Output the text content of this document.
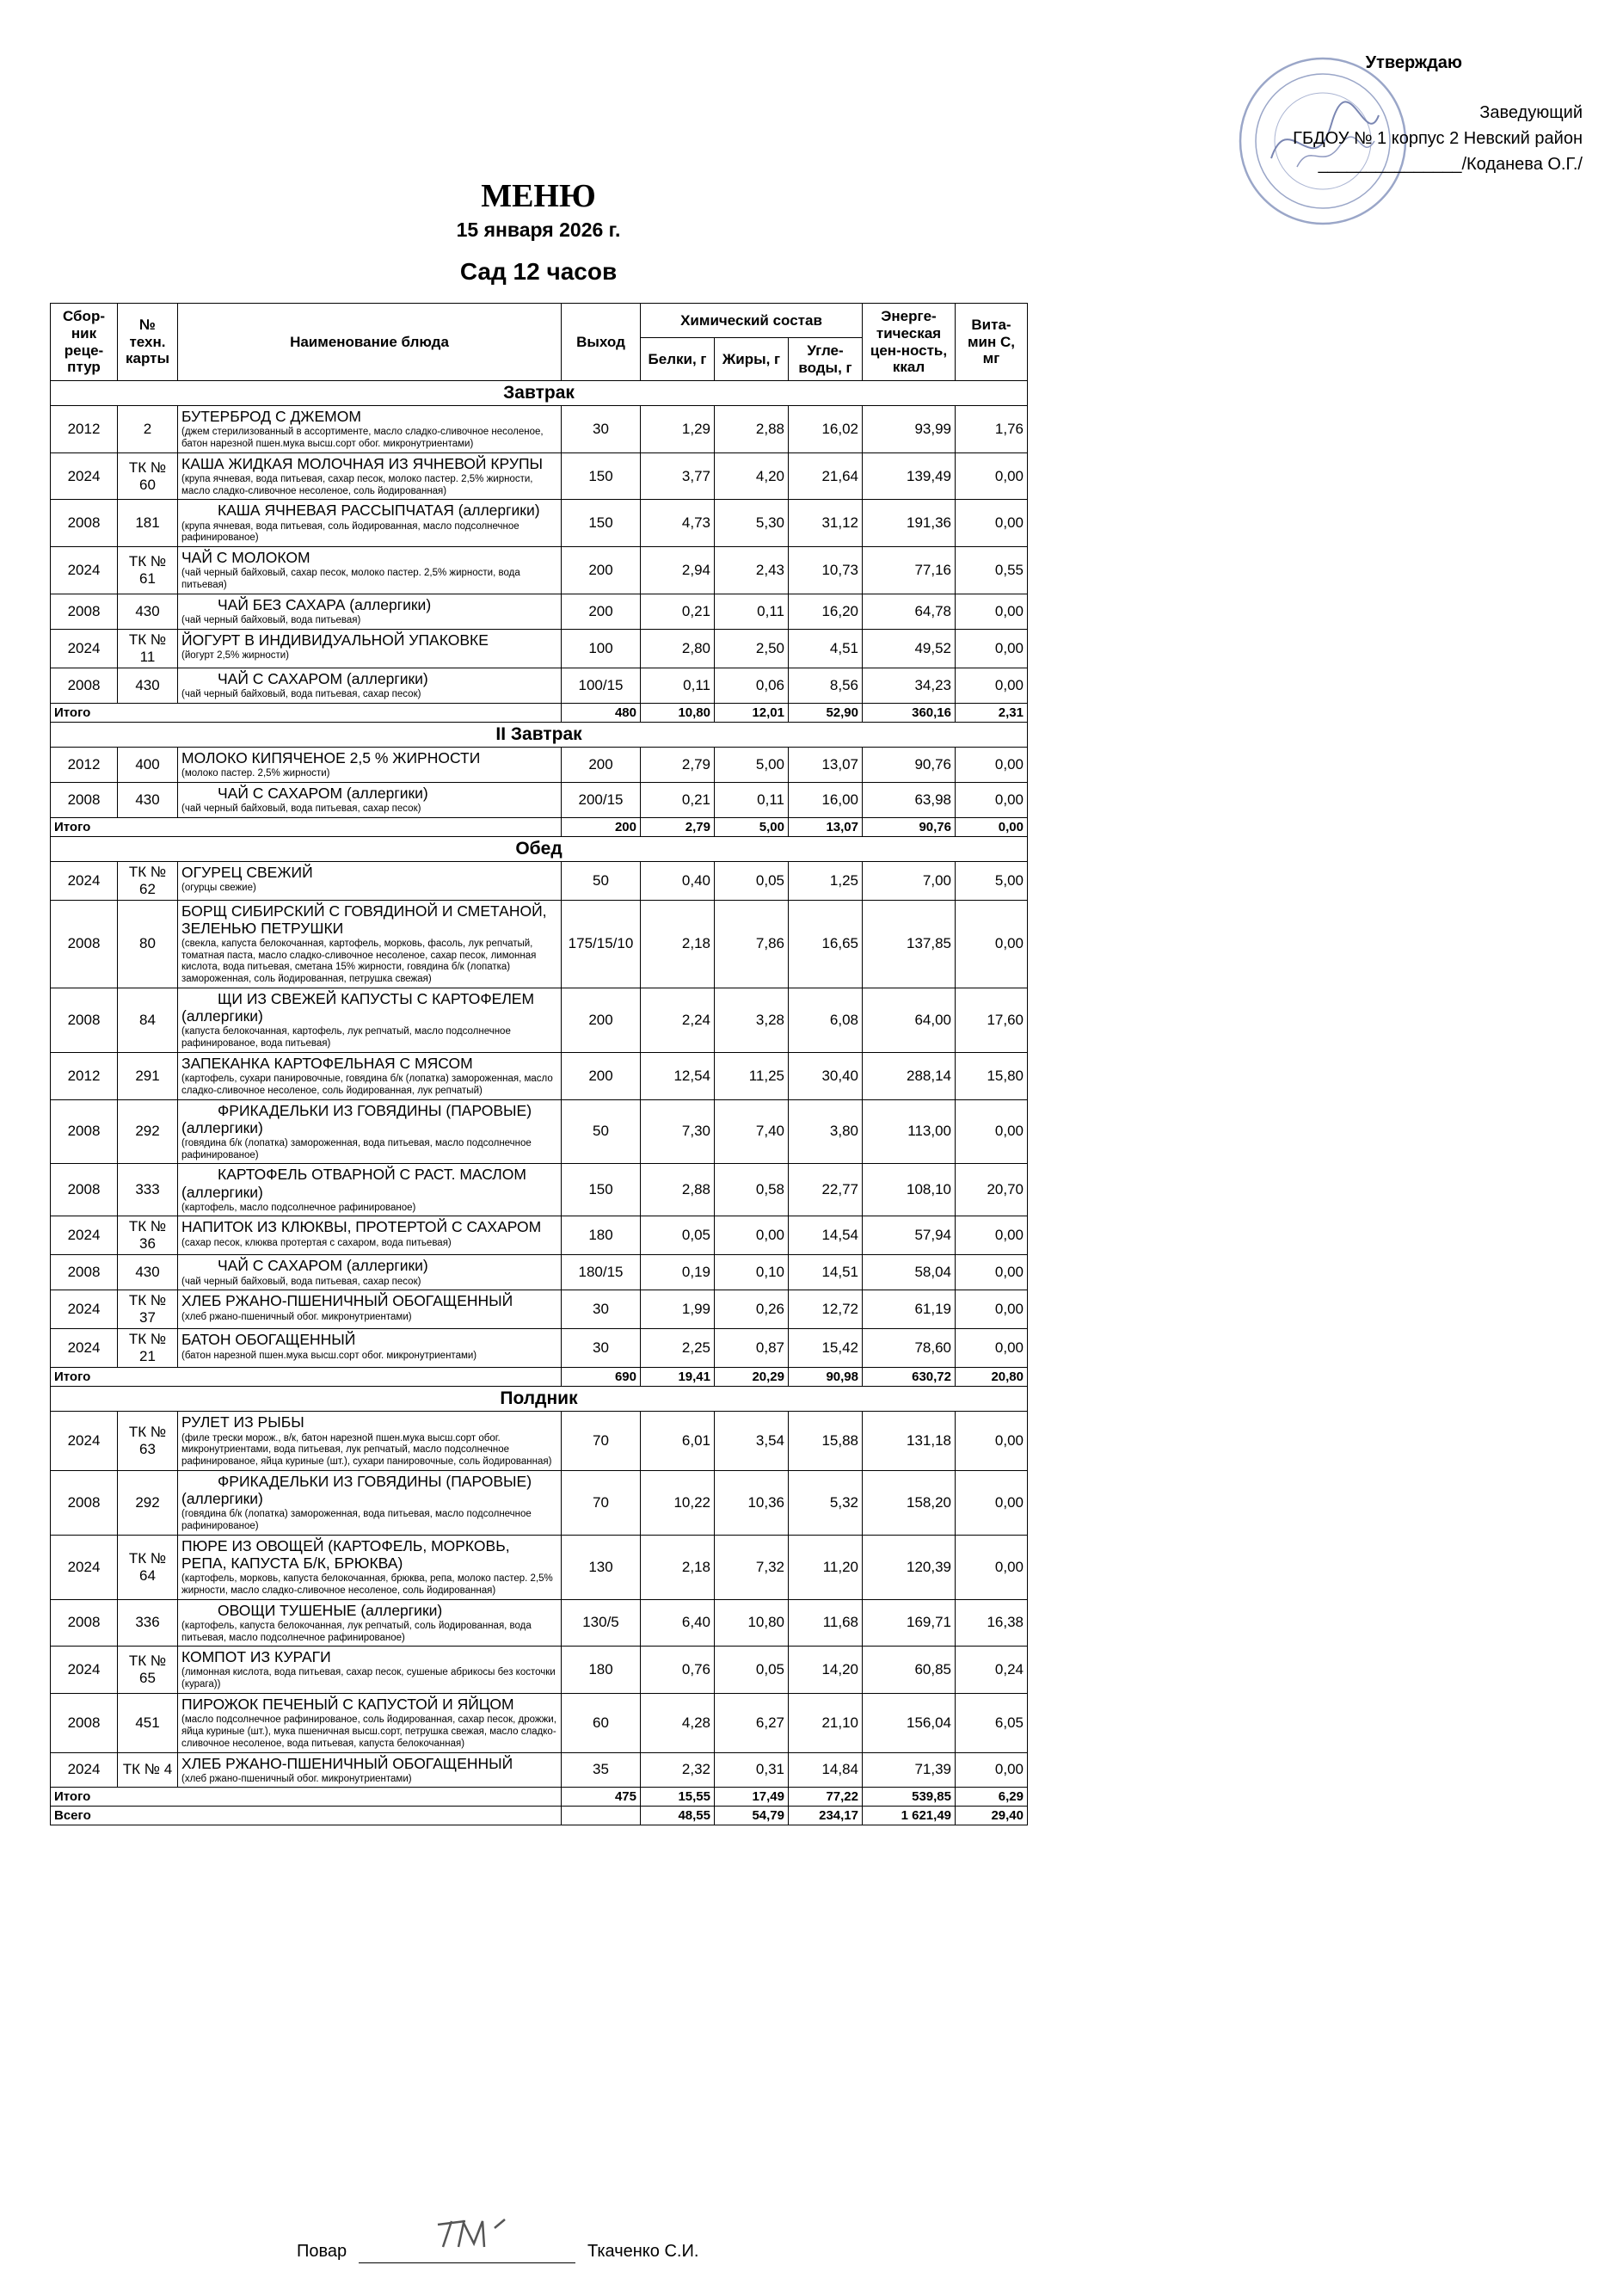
Утверждаю
Заведующий
ГБДОУ № 1 корпус 2 Невский район
_______________/Коданева О.Г./
МЕНЮ
15 января 2026 г.
Сад 12 часов
Сбор-ник реце-птур	№ техн. карты	Наименование блюда	Выход	Химический состав			Энерге-тическая цен-ность, ккал	Вита-мин С, мг
				Белки, г	Жиры, г	Угле-воды, г		
Завтрак								
2012	2	БУТЕРБРОД С ДЖЕМОМ
(джем стерилизованный в ассортименте, масло сладко-сливочное несоленое, батон нарезной пшен.мука высш.сорт обог. микронутриентами)	30	1,29	2,88	16,02	93,99	1,76
2024	ТК № 60	КАША ЖИДКАЯ МОЛОЧНАЯ ИЗ ЯЧНЕВОЙ КРУПЫ
(крупа ячневая, вода питьевая, сахар песок, молоко пастер. 2,5% жирности, масло сладко-сливочное несоленое, соль йодированная)	150	3,77	4,20	21,64	139,49	0,00
2008	181	КАША ЯЧНЕВАЯ РАССЫПЧАТАЯ (аллергики)
(крупа ячневая, вода питьевая, соль йодированная, масло подсолнечное рафинированое)	150	4,73	5,30	31,12	191,36	0,00
2024	ТК № 61	ЧАЙ С МОЛОКОМ
(чай черный байховый, сахар песок, молоко пастер. 2,5% жирности, вода питьевая)	200	2,94	2,43	10,73	77,16	0,55
2008	430	ЧАЙ БЕЗ САХАРА (аллергики)
(чай черный байховый, вода питьевая)	200	0,21	0,11	16,20	64,78	0,00
2024	ТК № 11	ЙОГУРТ В ИНДИВИДУАЛЬНОЙ УПАКОВКЕ
(йогурт 2,5% жирности)	100	2,80	2,50	4,51	49,52	0,00
2008	430	ЧАЙ С САХАРОМ (аллергики)
(чай черный байховый, вода питьевая, сахар песок)	100/15	0,11	0,06	8,56	34,23	0,00
Итого			480	10,80	12,01	52,90	360,16	2,31
II Завтрак								
2012	400	МОЛОКО КИПЯЧЕНОЕ 2,5 % ЖИРНОСТИ
(молоко пастер. 2,5% жирности)	200	2,79	5,00	13,07	90,76	0,00
2008	430	ЧАЙ С САХАРОМ (аллергики)
(чай черный байховый, вода питьевая, сахар песок)	200/15	0,21	0,11	16,00	63,98	0,00
Итого			200	2,79	5,00	13,07	90,76	0,00
Обед								
2024	ТК № 62	ОГУРЕЦ СВЕЖИЙ
(огурцы свежие)	50	0,40	0,05	1,25	7,00	5,00
2008	80	БОРЩ СИБИРСКИЙ С ГОВЯДИНОЙ И СМЕТАНОЙ, ЗЕЛЕНЬЮ ПЕТРУШКИ
(свекла, капуста белокочанная, картофель, морковь, фасоль, лук репчатый, томатная паста, масло сладко-сливочное несоленое, сахар песок, лимонная кислота, вода питьевая, сметана 15% жирности, говядина б/к (лопатка) замороженная, соль йодированная, петрушка свежая)	175/15/10	2,18	7,86	16,65	137,85	0,00
2008	84	ЩИ ИЗ СВЕЖЕЙ КАПУСТЫ С КАРТОФЕЛЕМ (аллергики)
(капуста белокочанная, картофель, лук репчатый, масло подсолнечное рафинированое, вода питьевая)	200	2,24	3,28	6,08	64,00	17,60
2012	291	ЗАПЕКАНКА КАРТОФЕЛЬНАЯ С МЯСОМ
(картофель, сухари панировочные, говядина б/к (лопатка) замороженная, масло сладко-сливочное несоленое, соль йодированная, лук репчатый)	200	12,54	11,25	30,40	288,14	15,80
2008	292	ФРИКАДЕЛЬКИ ИЗ ГОВЯДИНЫ (ПАРОВЫЕ) (аллергики)
(говядина б/к (лопатка) замороженная, вода питьевая, масло подсолнечное рафинированое)	50	7,30	7,40	3,80	113,00	0,00
2008	333	КАРТОФЕЛЬ ОТВАРНОЙ С РАСТ. МАСЛОМ (аллергики)
(картофель, масло подсолнечное рафинированое)	150	2,88	0,58	22,77	108,10	20,70
2024	ТК № 36	НАПИТОК ИЗ КЛЮКВЫ, ПРОТЕРТОЙ С САХАРОМ
(сахар песок, клюква протертая с сахаром, вода питьевая)	180	0,05	0,00	14,54	57,94	0,00
2008	430	ЧАЙ С САХАРОМ (аллергики)
(чай черный байховый, вода питьевая, сахар песок)	180/15	0,19	0,10	14,51	58,04	0,00
2024	ТК № 37	ХЛЕБ РЖАНО-ПШЕНИЧНЫЙ ОБОГАЩЕННЫЙ
(хлеб ржано-пшеничный обог. микронутриентами)	30	1,99	0,26	12,72	61,19	0,00
2024	ТК № 21	БАТОН ОБОГАЩЕННЫЙ
(батон нарезной пшен.мука высш.сорт обог. микронутриентами)	30	2,25	0,87	15,42	78,60	0,00
Итого			690	19,41	20,29	90,98	630,72	20,80
Полдник								
2024	ТК № 63	РУЛЕТ ИЗ РЫБЫ
(филе трески морож., в/к, батон нарезной пшен.мука высш.сорт обог. микронутриентами, вода питьевая, лук репчатый, масло подсолнечное рафинированое, яйца куриные (шт.), сухари панировочные, соль йодированная)	70	6,01	3,54	15,88	131,18	0,00
2008	292	ФРИКАДЕЛЬКИ ИЗ ГОВЯДИНЫ (ПАРОВЫЕ) (аллергики)
(говядина б/к (лопатка) замороженная, вода питьевая, масло подсолнечное рафинированое)	70	10,22	10,36	5,32	158,20	0,00
2024	ТК № 64	ПЮРЕ ИЗ ОВОЩЕЙ (КАРТОФЕЛЬ, МОРКОВЬ, РЕПА, КАПУСТА Б/К, БРЮКВА)
(картофель, морковь, капуста белокочанная, брюква, репа, молоко пастер. 2,5% жирности, масло сладко-сливочное несоленое, соль йодированная)	130	2,18	7,32	11,20	120,39	0,00
2008	336	ОВОЩИ ТУШЕНЫЕ (аллергики)
(картофель, капуста белокочанная, лук репчатый, соль йодированная, вода питьевая, масло подсолнечное рафинированое)	130/5	6,40	10,80	11,68	169,71	16,38
2024	ТК № 65	КОМПОТ ИЗ КУРАГИ
(лимонная кислота, вода питьевая, сахар песок, сушеные абрикосы без косточки (курага))	180	0,76	0,05	14,20	60,85	0,24
2008	451	ПИРОЖОК ПЕЧЕНЫЙ С КАПУСТОЙ И ЯЙЦОМ
(масло подсолнечное рафинированое, соль йодированная, сахар песок, дрожжи, яйца куриные (шт.), мука пшеничная высш.сорт, петрушка свежая, масло сладко-сливочное несоленое, вода питьевая, капуста белокочанная)	60	4,28	6,27	21,10	156,04	6,05
2024	ТК № 4	ХЛЕБ РЖАНО-ПШЕНИЧНЫЙ ОБОГАЩЕННЫЙ
(хлеб ржано-пшеничный обог. микронутриентами)	35	2,32	0,31	14,84	71,39	0,00
Итого			475	15,55	17,49	77,22	539,85	6,29
Всего				48,55	54,79	234,17	1 621,49	29,40
Повар	Ткаченко С.И.
